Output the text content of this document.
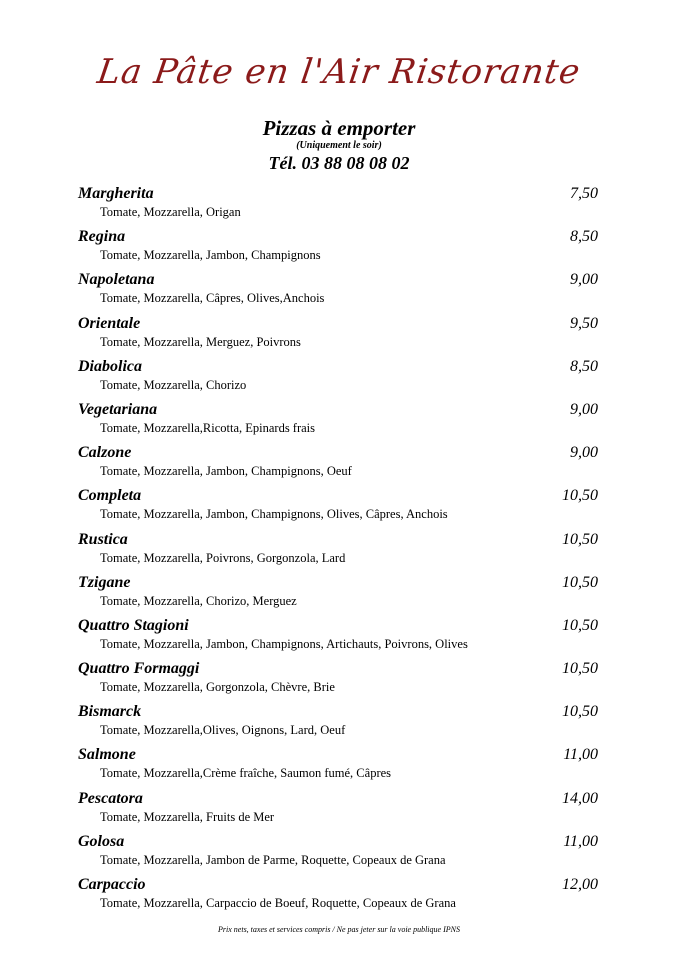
La Pâte en l'Air Ristorante
Pizzas à emporter
(Uniquement le soir)
Tél. 03 88 08 08 02
Margherita	7,50
Tomate, Mozzarella, Origan
Regina	8,50
Tomate, Mozzarella, Jambon, Champignons
Napoletana	9,00
Tomate, Mozzarella, Câpres, Olives,Anchois
Orientale	9,50
Tomate, Mozzarella, Merguez, Poivrons
Diabolica	8,50
Tomate, Mozzarella, Chorizo
Vegetariana	9,00
Tomate, Mozzarella,Ricotta, Epinards frais
Calzone	9,00
Tomate, Mozzarella, Jambon, Champignons, Oeuf
Completa	10,50
Tomate, Mozzarella, Jambon, Champignons, Olives, Câpres, Anchois
Rustica	10,50
Tomate, Mozzarella, Poivrons, Gorgonzola, Lard
Tzigane	10,50
Tomate, Mozzarella, Chorizo, Merguez
Quattro Stagioni	10,50
Tomate, Mozzarella, Jambon, Champignons, Artichauts, Poivrons, Olives
Quattro Formaggi	10,50
Tomate, Mozzarella, Gorgonzola, Chèvre, Brie
Bismarck	10,50
Tomate, Mozzarella,Olives, Oignons, Lard, Oeuf
Salmone	11,00
Tomate, Mozzarella,Crème fraîche, Saumon fumé, Câpres
Pescatora	14,00
Tomate, Mozzarella, Fruits de Mer
Golosa	11,00
Tomate, Mozzarella, Jambon de Parme, Roquette, Copeaux de Grana
Carpaccio	12,00
Tomate, Mozzarella, Carpaccio de Boeuf, Roquette, Copeaux de Grana
Prix nets, taxes et services compris / Ne pas jeter sur la voie publique IPNS
